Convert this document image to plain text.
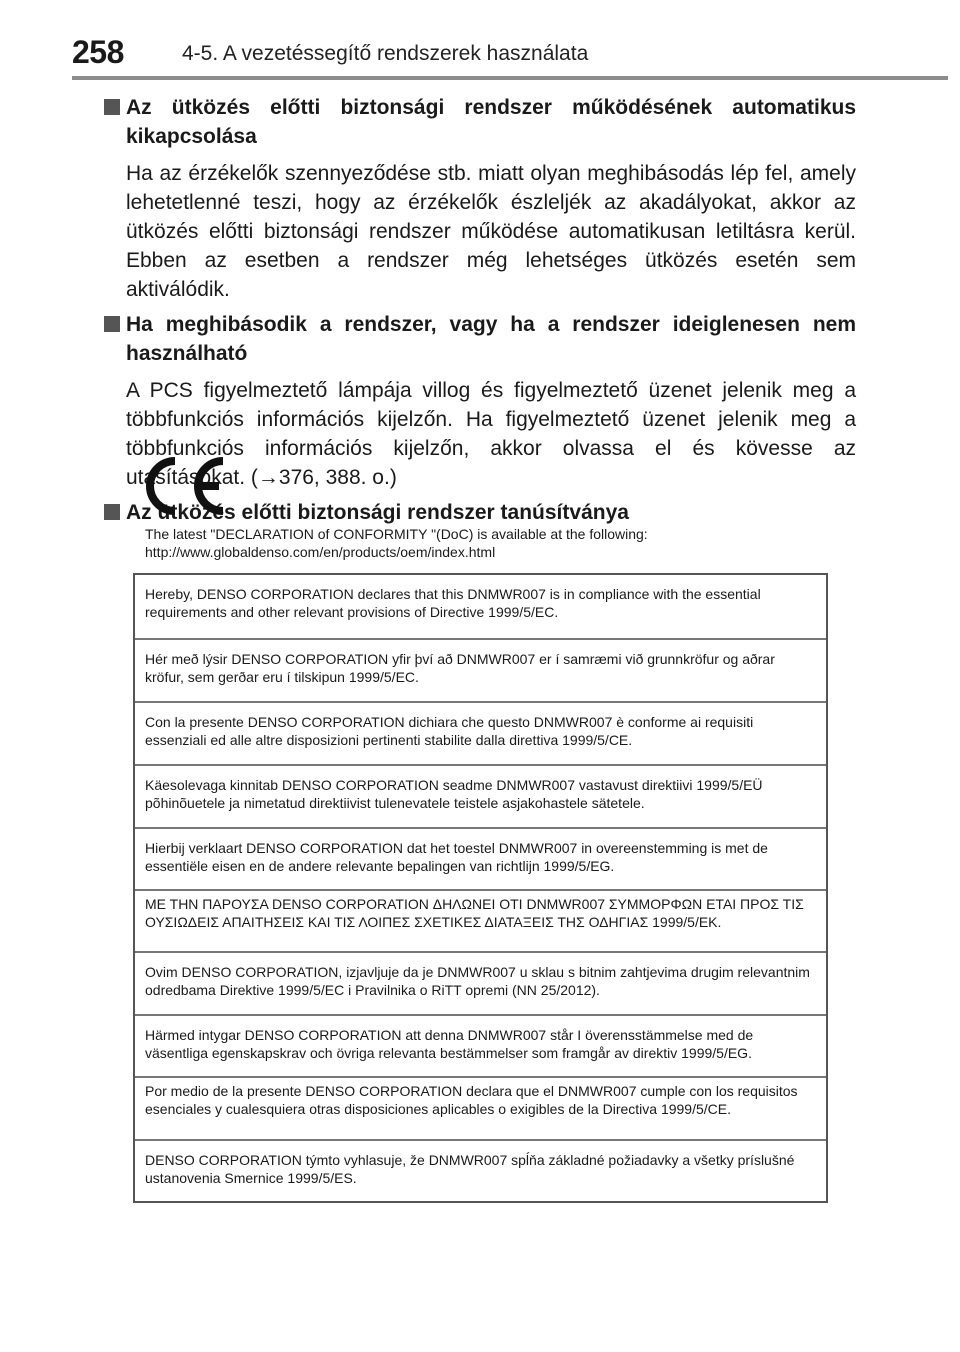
258	4-5. A vezetéssegítő rendszerek használata
Az ütközés előtti biztonsági rendszer működésének automatikus kikapcsolása
Ha az érzékelők szennyeződése stb. miatt olyan meghibásodás lép fel, amely lehetetlenné teszi, hogy az érzékelők észleljék az akadályokat, akkor az ütközés előtti biztonsági rendszer működése automatikusan letiltásra kerül. Ebben az esetben a rendszer még lehetséges ütközés esetén sem aktiválódik.
Ha meghibásodik a rendszer, vagy ha a rendszer ideiglenesen nem használható
A PCS figyelmeztető lámpája villog és figyelmeztető üzenet jelenik meg a többfunkciós információs kijelzőn. Ha figyelmeztető üzenet jelenik meg a többfunkciós információs kijelzőn, akkor olvassa el és kövesse az utasításokat. (→376, 388. o.)
Az ütközés előtti biztonsági rendszer tanúsítványa
The latest "DECLARATION of CONFORMITY "(DoC) is available at the following:
http://www.globaldenso.com/en/products/oem/index.html
Hereby, DENSO CORPORATION declares that this DNMWR007 is in compliance with the essential requirements and other relevant provisions of Directive 1999/5/EC.
Hér með lýsir DENSO CORPORATION yfir því að DNMWR007 er í samræmi við grunnkröfur og aðrar kröfur, sem gerðar eru í tilskipun 1999/5/EC.
Con la presente DENSO CORPORATION dichiara che questo DNMWR007 è conforme ai requisiti essenziali ed alle altre disposizioni pertinenti stabilite dalla direttiva 1999/5/CE.
Käesolevaga kinnitab DENSO CORPORATION seadme DNMWR007 vastavust direktiivi 1999/5/EÜ põhinõuetele ja nimetatud direktiivist tulenevatele teistele asjakohastele sätetele.
Hierbij verklaart DENSO CORPORATION dat het toestel DNMWR007 in overeenstemming is met de essentiële eisen en de andere relevante bepalingen van richtlijn 1999/5/EG.
ΜΕ ΤΗΝ ΠΑΡΟΥΣΑ DENSO CORPORATION ΔΗΛΩΝΕΙ ΟΤΙ DNMWR007 ΣΥΜΜΟΡΦΩΝ ΕΤΑΙ ΠΡΟΣ ΤΙΣ ΟΥΣΙΩΔΕΙΣ ΑΠΑΙΤΗΣΕΙΣ ΚΑΙ ΤΙΣ ΛΟΙΠΕΣ ΣΧΕΤΙΚΕΣ ΔΙΑΤΑΞΕΙΣ ΤΗΣ ΟΔΗΓΙΑΣ 1999/5/ΕΚ.
Ovim DENSO CORPORATION, izjavljuje da je DNMWR007 u sklau s bitnim zahtjevima drugim relevantnim odredbama Direktive 1999/5/EC i Pravilnika o RiTT opremi (NN 25/2012).
Härmed intygar DENSO CORPORATION att denna DNMWR007 står I överensstämmelse med de väsentliga egenskapskrav och övriga relevanta bestämmelser som framgår av direktiv 1999/5/EG.
Por medio de la presente DENSO CORPORATION declara que el DNMWR007 cumple con los requisitos esenciales y cualesquiera otras disposiciones aplicables o exigibles de la Directiva 1999/5/CE.
DENSO CORPORATION týmto vyhlasuje, že DNMWR007 spĺňa základné požiadavky a všetky príslušné ustanovenia Smernice 1999/5/ES.
